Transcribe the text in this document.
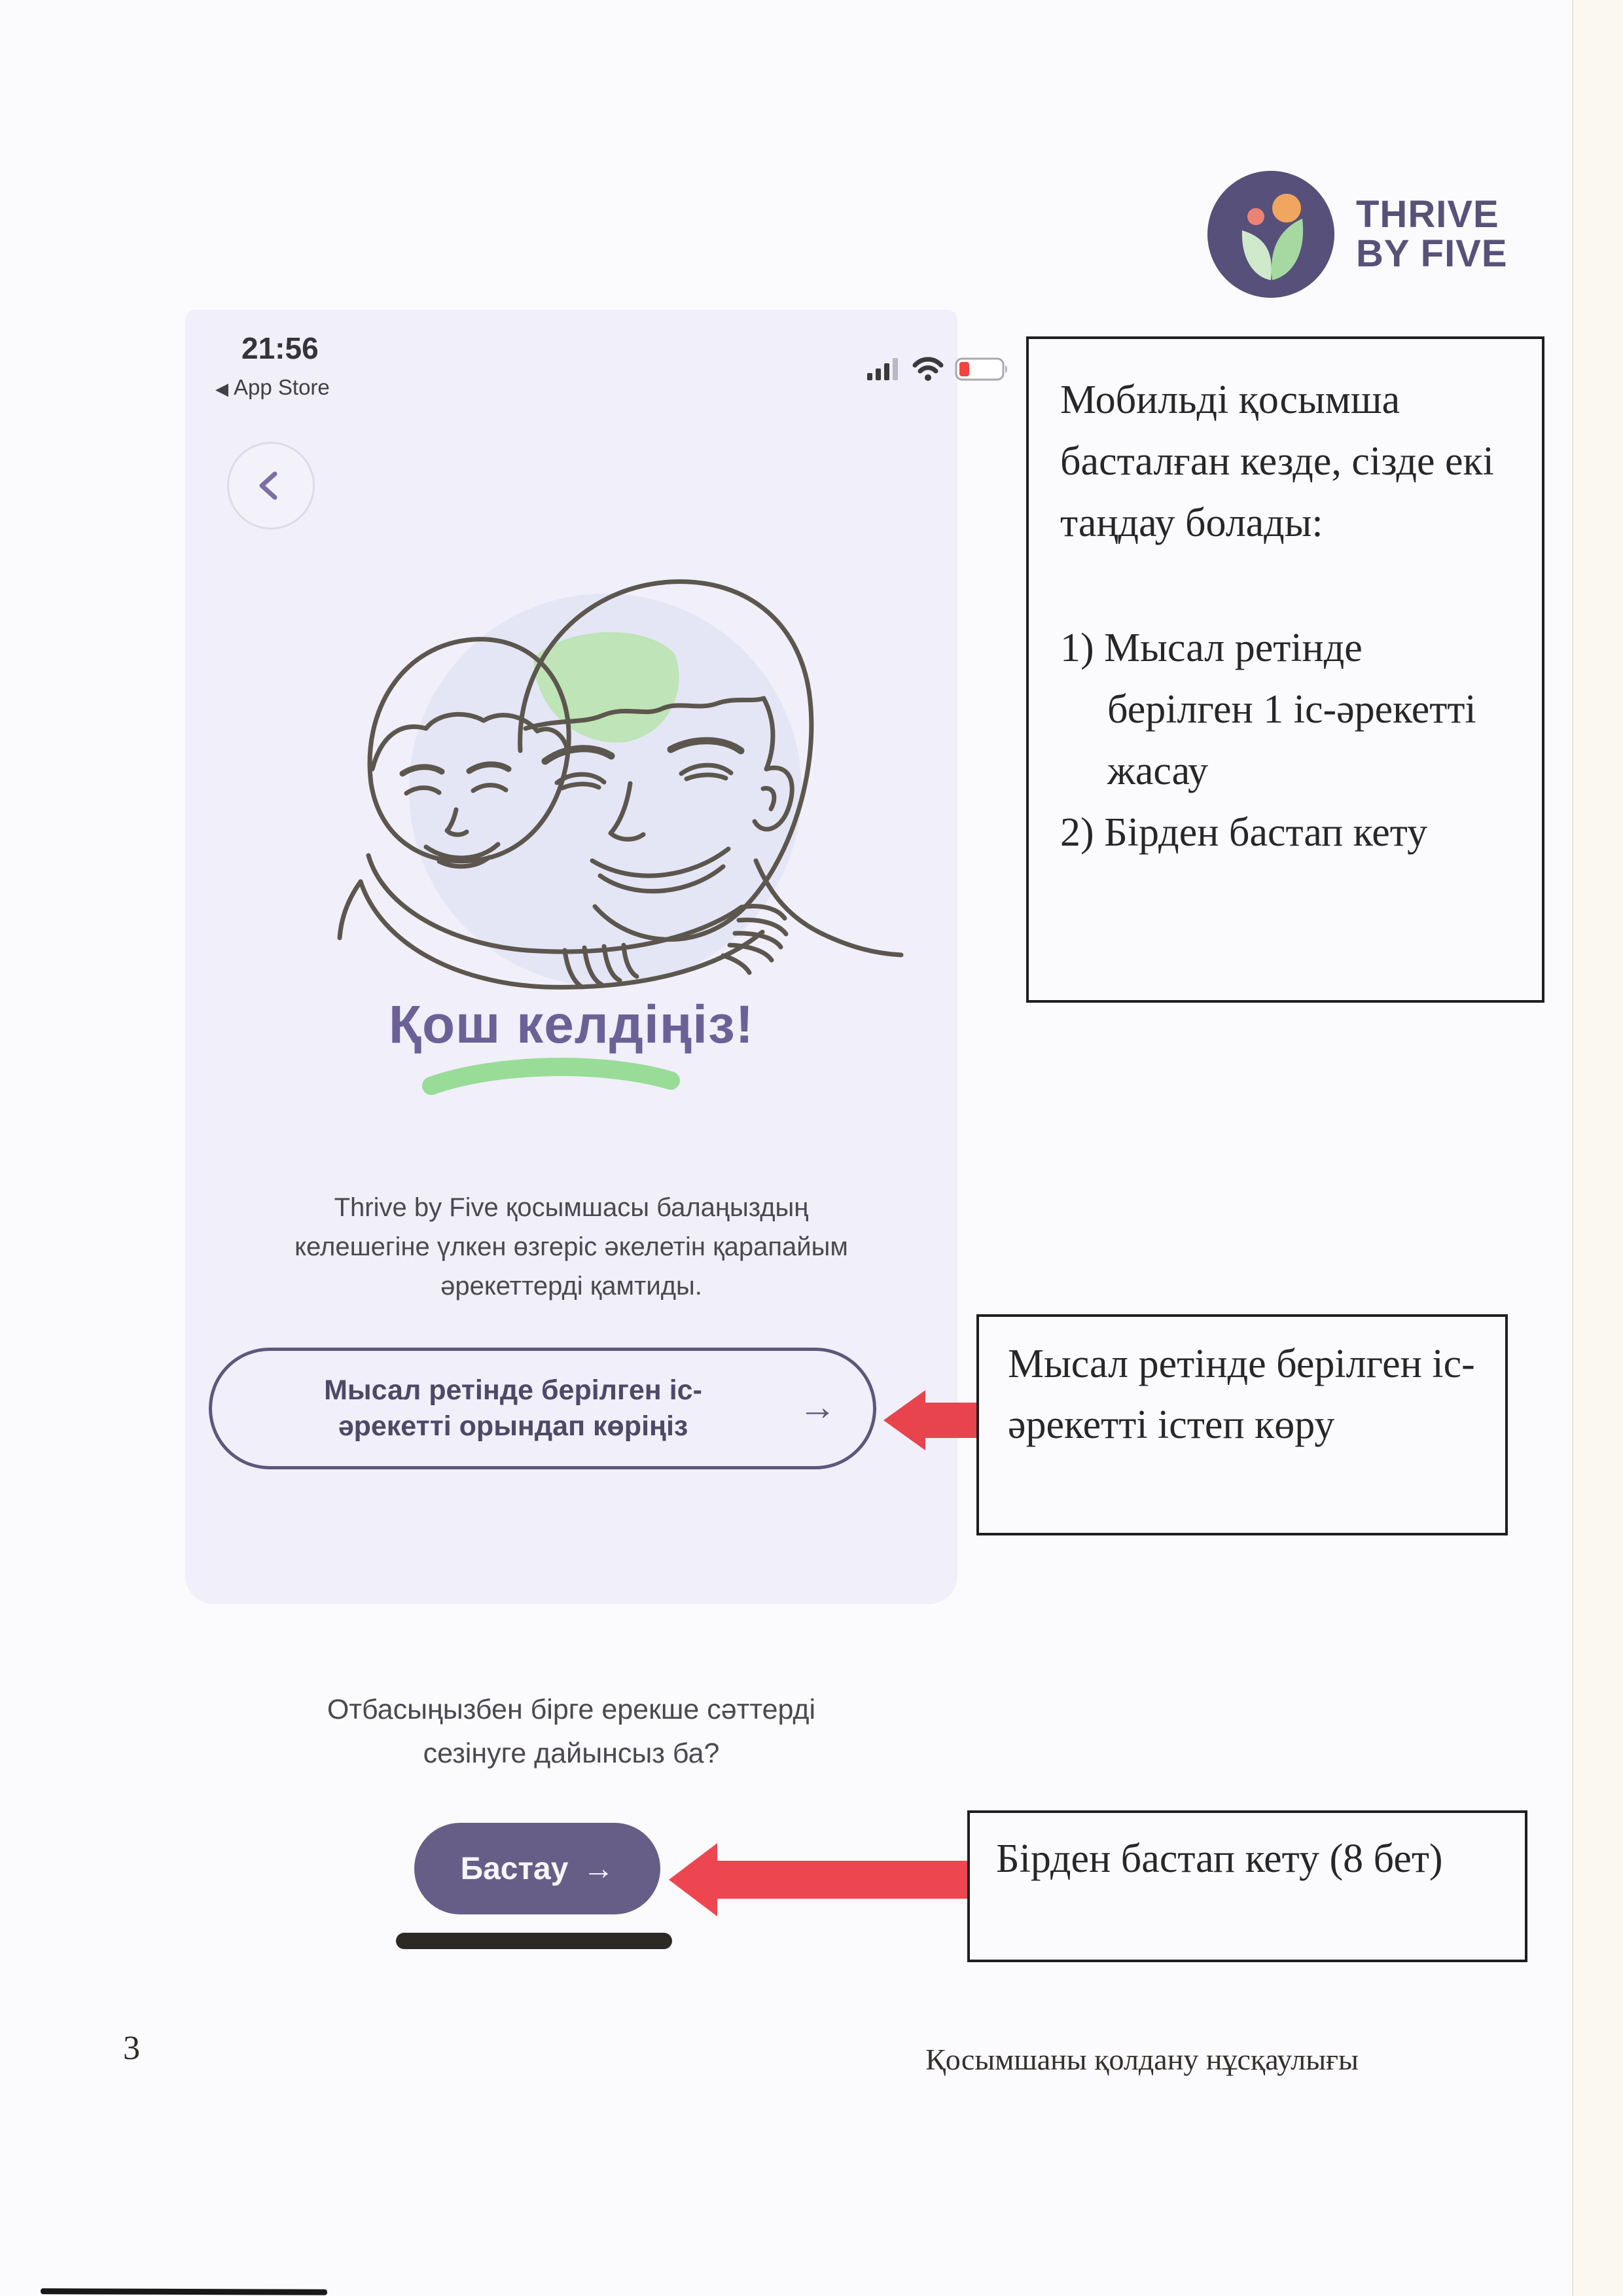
THRIVE
BY FIVE
21:56
◀ App Store
Қош келдіңіз!

Thrive by Five қосымшасы балаңыздың келешегіне үлкен өзгеріс әкелетін қарапайым әрекеттерді қамтиды.

Мысал ретінде берілген іс-
әрекетті орындап көріңіз	→

Отбасыңызбен бірге ерекше сәттерді
сезінуге дайынсыз ба?

Бастау →
Мобильді қосымша басталған кезде, сізде екі таңдау болады:
1) Мысал ретінде берілген 1 іс-әрекетті жасау
2) Бірден бастап кету
Мысал ретінде берілген іс-әрекетті істеп көру
Бірден бастап кету (8 бет)
3	Қосымшаны қолдану нұсқаулығы
